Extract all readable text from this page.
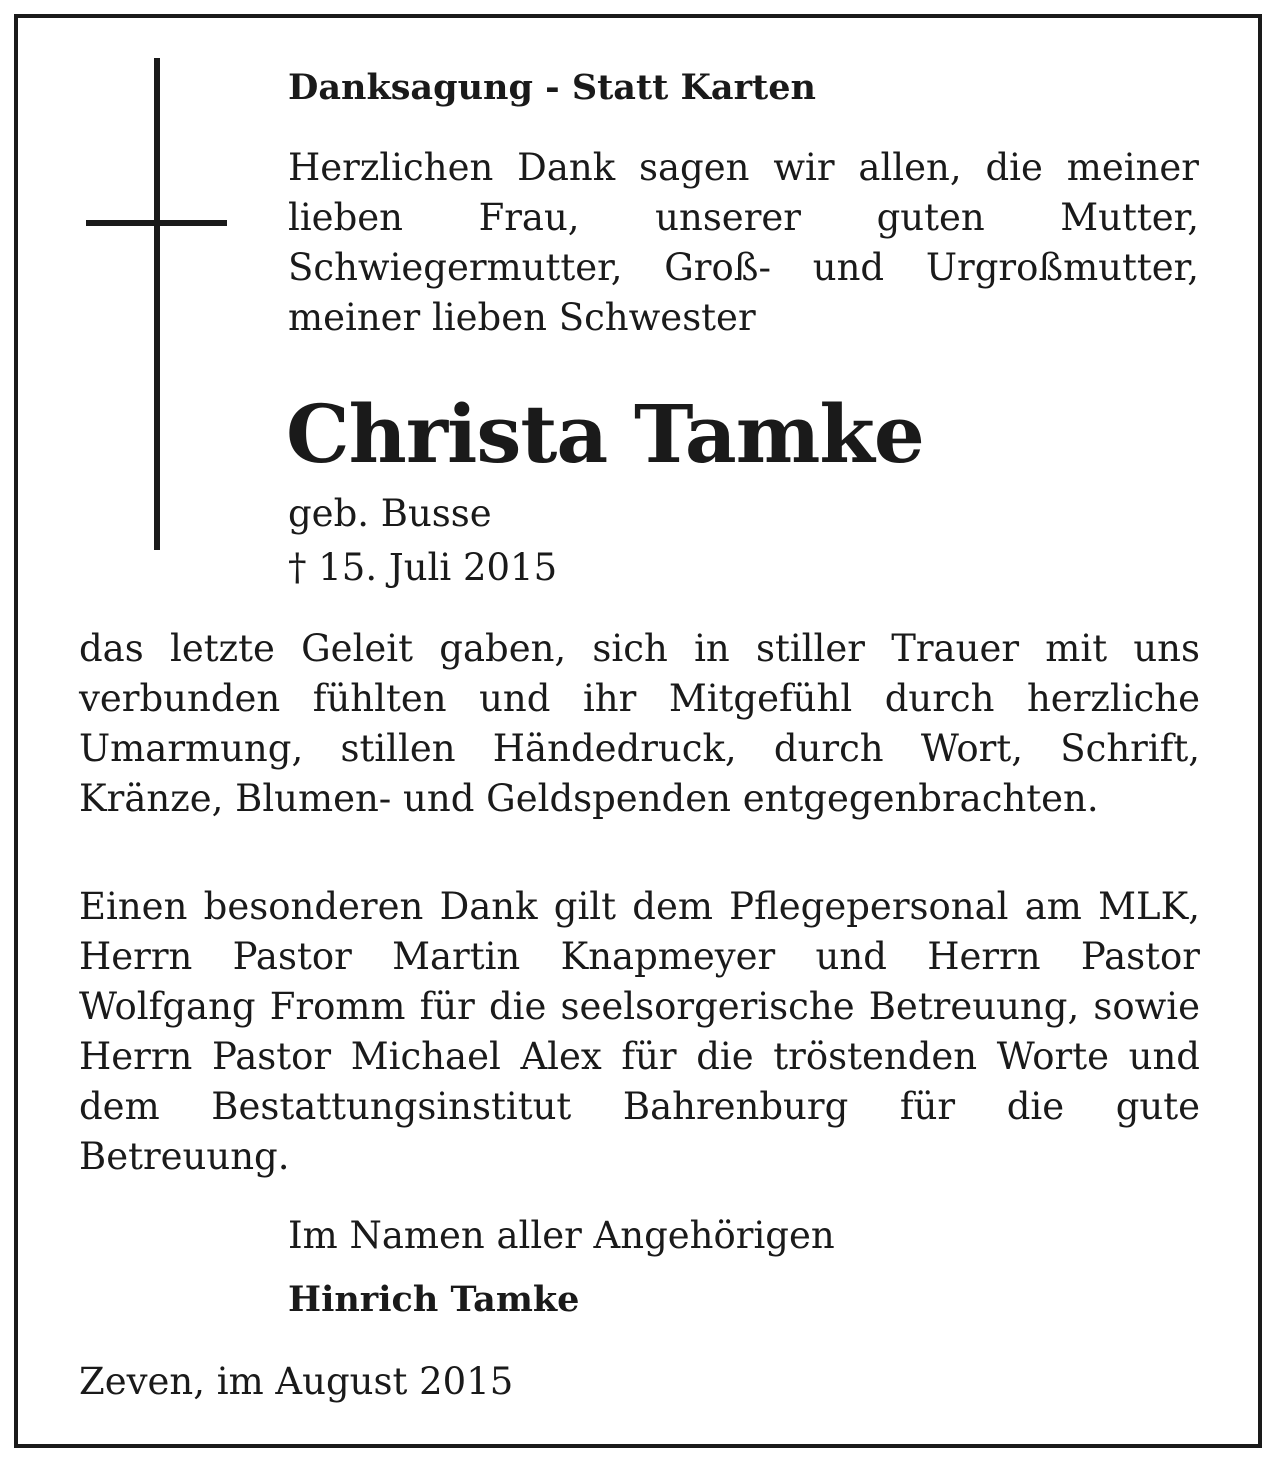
Danksagung - Statt Karten
Herzlichen Dank sagen wir allen, die meiner lieben Frau, unserer guten Mutter, Schwiegermutter, Groß- und Urgroßmutter, meiner lieben Schwester
Christa Tamke
geb. Busse
† 15. Juli 2015
das letzte Geleit gaben, sich in stiller Trauer mit uns verbunden fühlten und ihr Mitgefühl durch herzliche Umarmung, stillen Händedruck, durch Wort, Schrift, Kränze, Blumen- und Geldspenden entgegenbrachten.
Einen besonderen Dank gilt dem Pflegepersonal am MLK, Herrn Pastor Martin Knapmeyer und Herrn Pastor Wolfgang Fromm für die seelsorgerische Betreuung, sowie Herrn Pastor Michael Alex für die tröstenden Worte und dem Bestattungsinstitut Bahrenburg für die gute Betreuung.
Im Namen aller Angehörigen
Hinrich Tamke
Zeven, im August 2015
